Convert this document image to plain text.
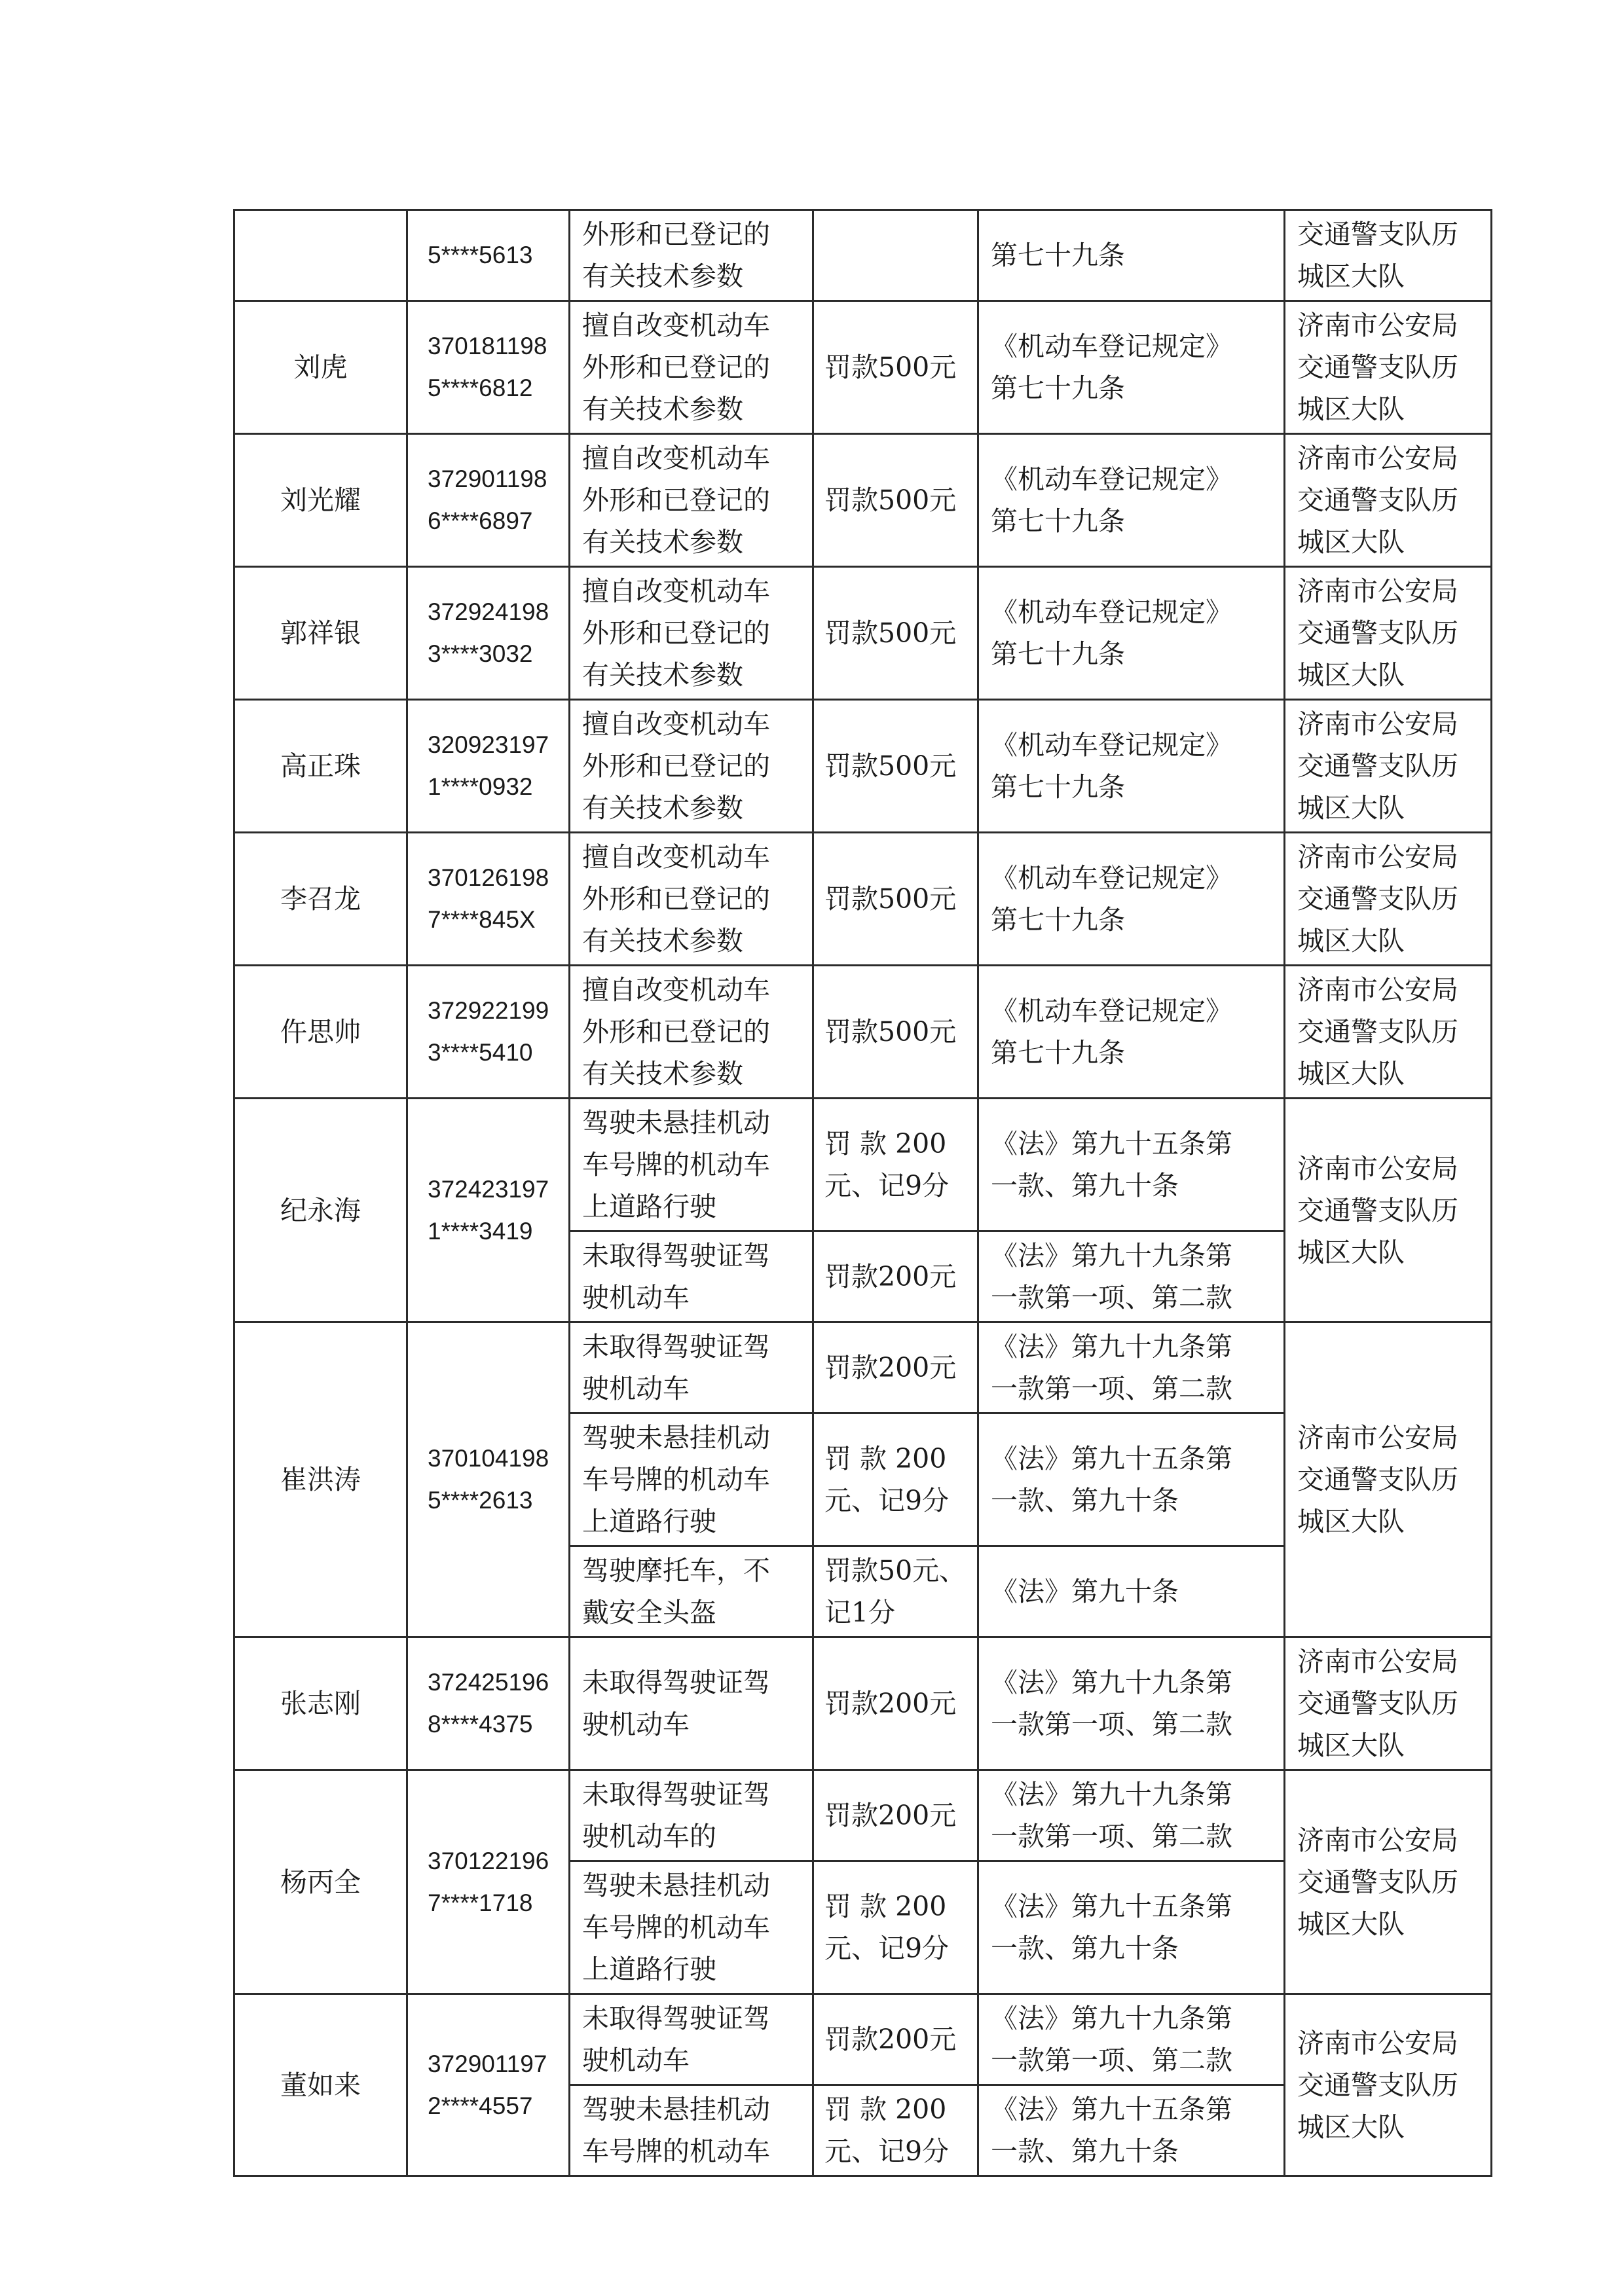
	5****5613	外形和已登记的
有关技术参数		第七十九条	交通警支队历
城区大队

刘虎	370181198
5****6812	擅自改变机动车
外形和已登记的
有关技术参数	罚款500元	《机动车登记规定》
第七十九条	济南市公安局
交通警支队历
城区大队

刘光耀	372901198
6****6897	擅自改变机动车
外形和已登记的
有关技术参数	罚款500元	《机动车登记规定》
第七十九条	济南市公安局
交通警支队历
城区大队

郭祥银	372924198
3****3032	擅自改变机动车
外形和已登记的
有关技术参数	罚款500元	《机动车登记规定》
第七十九条	济南市公安局
交通警支队历
城区大队

高正珠	320923197
1****0932	擅自改变机动车
外形和已登记的
有关技术参数	罚款500元	《机动车登记规定》
第七十九条	济南市公安局
交通警支队历
城区大队

李召龙	370126198
7****845X	擅自改变机动车
外形和已登记的
有关技术参数	罚款500元	《机动车登记规定》
第七十九条	济南市公安局
交通警支队历
城区大队

仵思帅	372922199
3****5410	擅自改变机动车
外形和已登记的
有关技术参数	罚款500元	《机动车登记规定》
第七十九条	济南市公安局
交通警支队历
城区大队

纪永海	372423197
1****3419	驾驶未悬挂机动
车号牌的机动车
上道路行驶	罚 款 200
元、记9分	《法》第九十五条第
一款、第九十条	济南市公安局
交通警支队历
城区大队

		未取得驾驶证驾
驶机动车	罚款200元	《法》第九十九条第
一款第一项、第二款	

崔洪涛	370104198
5****2613	未取得驾驶证驾
驶机动车	罚款200元	《法》第九十九条第
一款第一项、第二款	济南市公安局
交通警支队历
城区大队

		驾驶未悬挂机动
车号牌的机动车
上道路行驶	罚 款 200
元、记9分	《法》第九十五条第
一款、第九十条	

		驾驶摩托车，不
戴安全头盔	罚款50元、
记1分	《法》第九十条	

张志刚	372425196
8****4375	未取得驾驶证驾
驶机动车	罚款200元	《法》第九十九条第
一款第一项、第二款	济南市公安局
交通警支队历
城区大队

杨丙全	370122196
7****1718	未取得驾驶证驾
驶机动车的	罚款200元	《法》第九十九条第
一款第一项、第二款	济南市公安局
交通警支队历
城区大队

		驾驶未悬挂机动
车号牌的机动车
上道路行驶	罚 款 200
元、记9分	《法》第九十五条第
一款、第九十条	

董如来	372901197
2****4557	未取得驾驶证驾
驶机动车	罚款200元	《法》第九十九条第
一款第一项、第二款	济南市公安局
交通警支队历
城区大队

		驾驶未悬挂机动
车号牌的机动车	罚 款 200
元、记9分	《法》第九十五条第
一款、第九十条	
